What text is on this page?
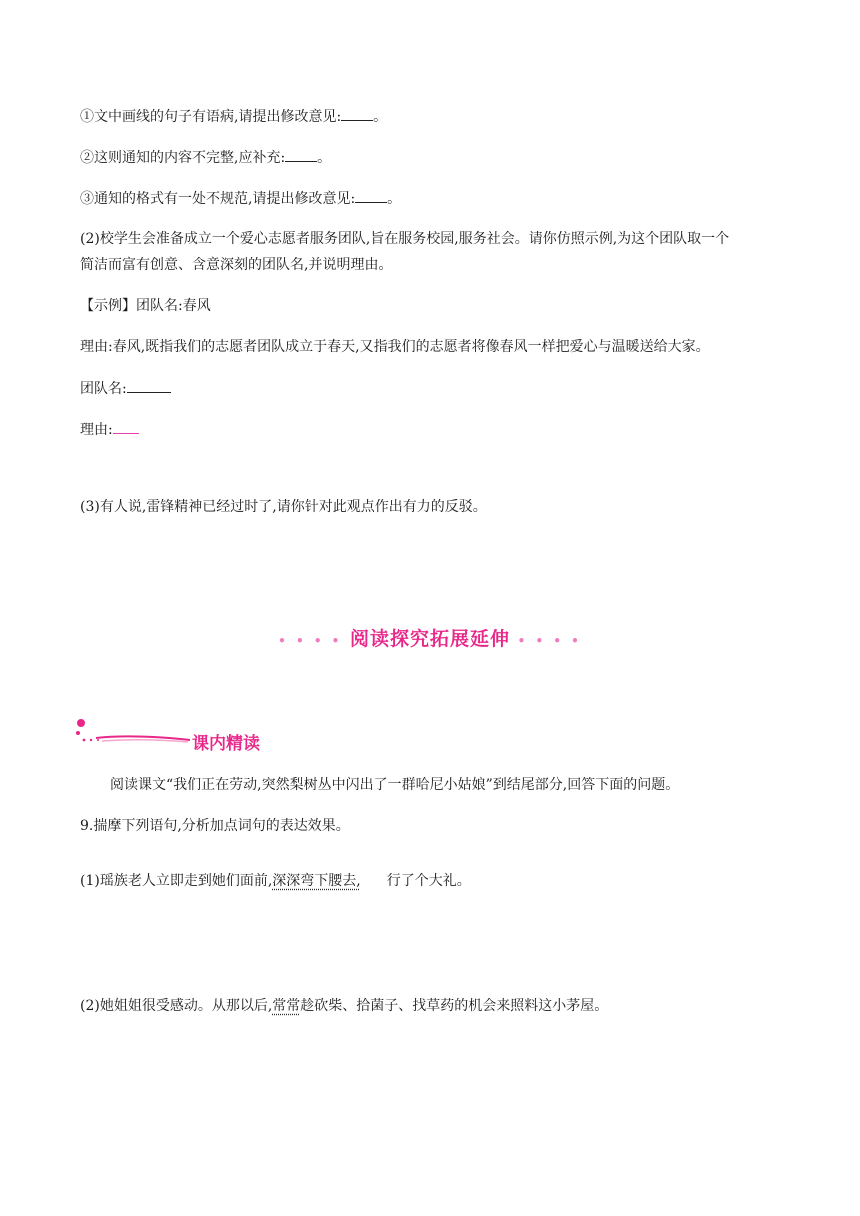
①文中画线的句子有语病,请提出修改意见: 。
②这则通知的内容不完整,应补充: 。
③通知的格式有一处不规范,请提出修改意见: 。
(2)校学生会准备成立一个爱心志愿者服务团队,旨在服务校园,服务社会。请你仿照示例,为这个团队取一个
简洁而富有创意、含意深刻的团队名,并说明理由。
【示例】团队名:春风
理由:春风,既指我们的志愿者团队成立于春天,又指我们的志愿者将像春风一样把爱心与温暖送给大家。
团队名:
理由:
(3)有人说,雷锋精神已经过时了,请你针对此观点作出有力的反驳。
• • • • 阅读探究拓展延伸 • • • •
课内精读
阅读课文“我们正在劳动,突然梨树丛中闪出了一群哈尼小姑娘”到结尾部分,回答下面的问题。
9.揣摩下列语句,分析加点词句的表达效果。
(1)瑶族老人立即走到她们面前,深深弯下腰去, 行了个大礼。
(2)她姐姐很受感动。从那以后,常常趁砍柴、拾菌子、找草药的机会来照料这小茅屋。
